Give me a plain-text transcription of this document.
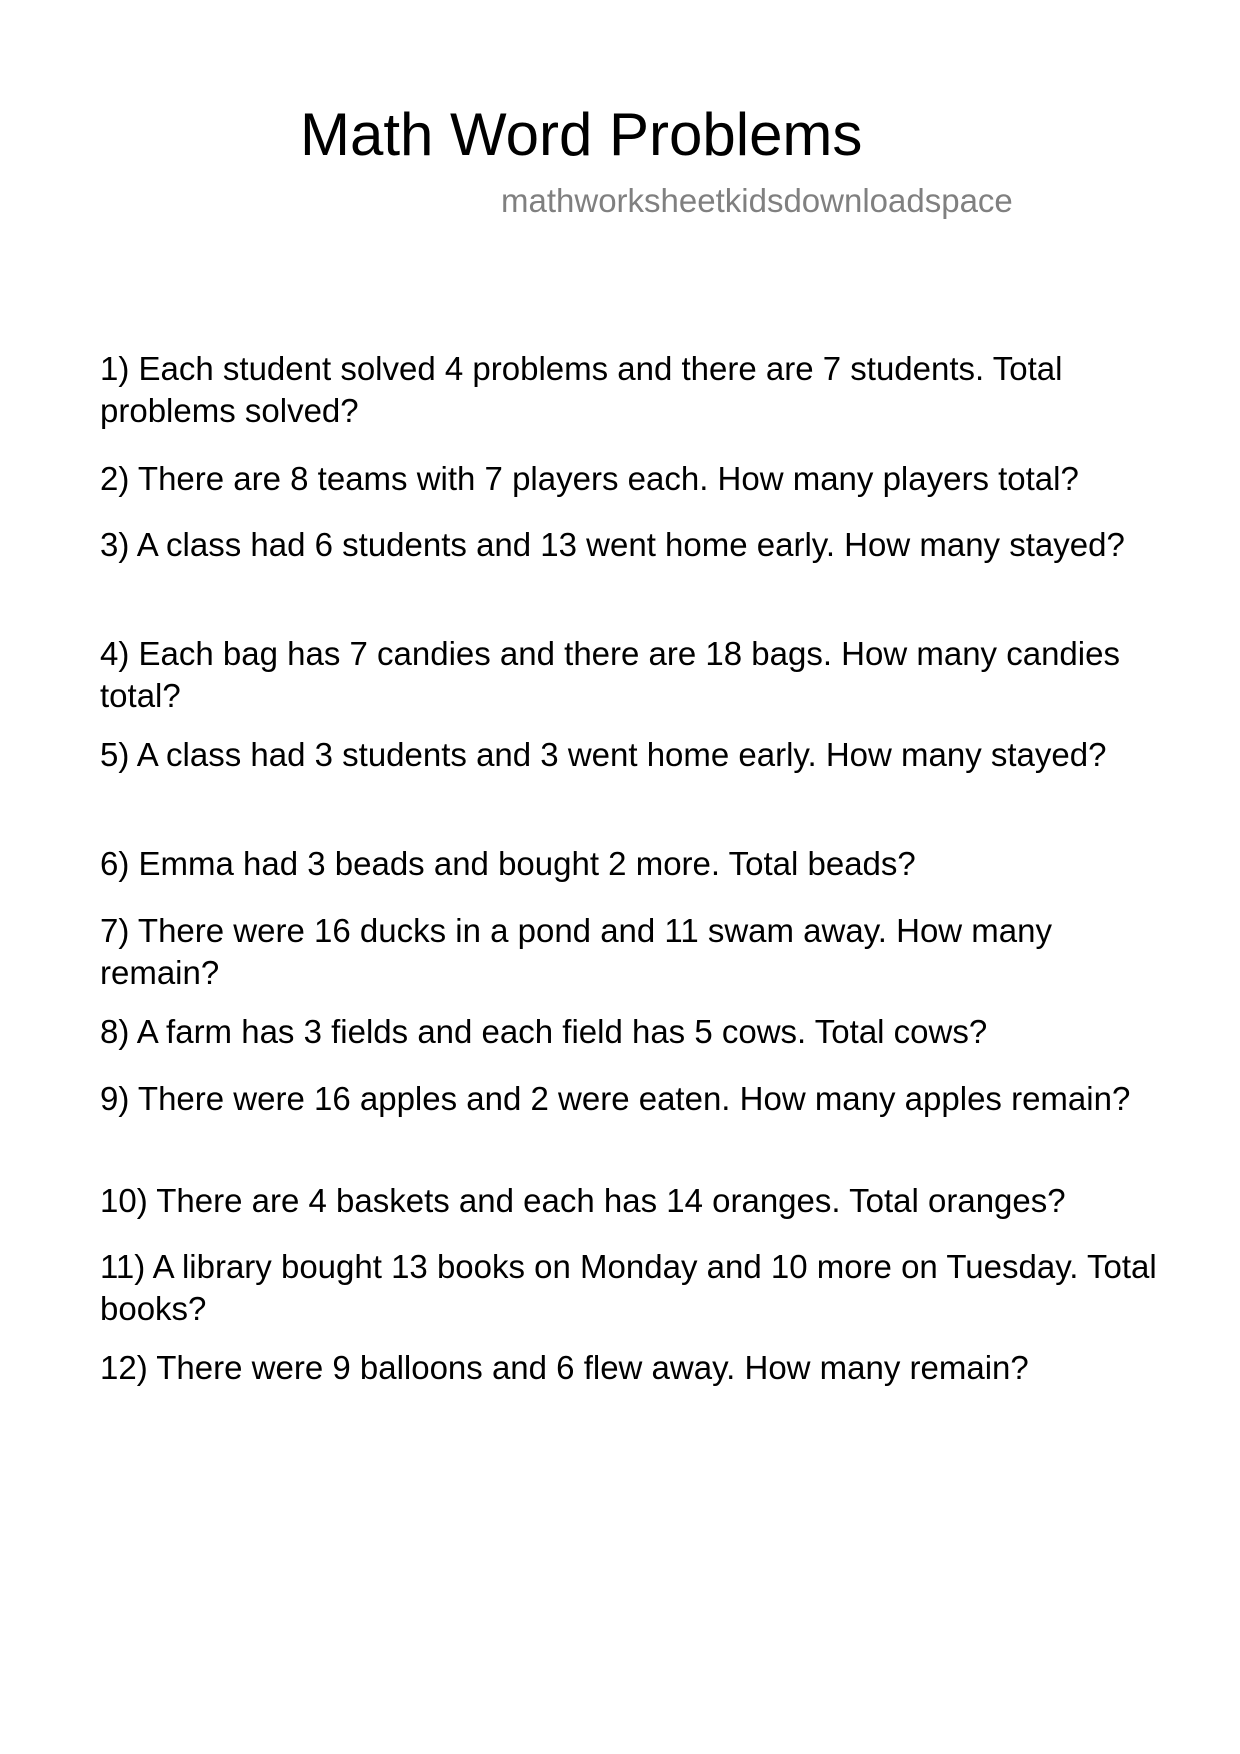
Math Word Problems
mathworksheetkidsdownloadspace
1) Each student solved 4 problems and there are 7 students. Total problems solved?
2) There are 8 teams with 7 players each. How many players total?
3) A class had 6 students and 13 went home early. How many stayed?
4) Each bag has 7 candies and there are 18 bags. How many candies total?
5) A class had 3 students and 3 went home early. How many stayed?
6) Emma had 3 beads and bought 2 more. Total beads?
7) There were 16 ducks in a pond and 11 swam away. How many remain?
8) A farm has 3 fields and each field has 5 cows. Total cows?
9) There were 16 apples and 2 were eaten. How many apples remain?
10) There are 4 baskets and each has 14 oranges. Total oranges?
11) A library bought 13 books on Monday and 10 more on Tuesday. Total books?
12) There were 9 balloons and 6 flew away. How many remain?
